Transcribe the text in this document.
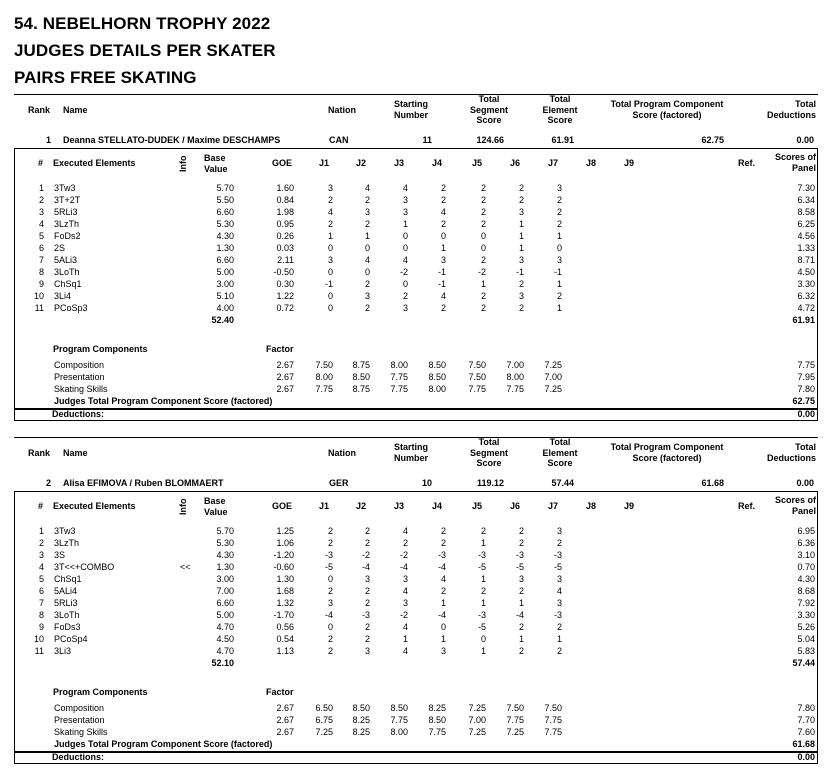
54. NEBELHORN TROPHY 2022
JUDGES DETAILS PER SKATER
PAIRS FREE SKATING
Rank	Name	Nation
Starting
Number
Total
Segment
Score
Total
Element
Score
Total Program Component
Score (factored)
Total
Deductions
1 Deanna STELLATO-DUDEK / Maxime DESCHAMPS	CAN	11	124.66	61.91	62.75	0.00
# Executed Elements	Info Base
Value
GOE	J1	J2	J3	J4	J5	J6	J7	J8	J9	Ref.
Scores of
Panel
1 3Tw3	5.70	1.60	3	4	4	2	2	2	3	7.30
2 3T+2T	5.50	0.84	2	2	3	2	2	2	2	6.34
3 5RLi3	6.60	1.98	4	3	3	4	2	3	2	8.58
4 3LzTh	5.30	0.95	2	2	1	2	2	1	2	6.25
5 FoDs2	4.30	0.26	1	1	0	0	0	1	1	4.56
6 2S	1.30	0.03	0	0	0	1	0	1	0	1.33
7 5ALi3	6.60	2.11	3	4	4	3	2	3	3	8.71
8 3LoTh	5.00	-0.50	0	0	-2	-1	-2	-1	-1	4.50
9 ChSq1	3.00	0.30	-1	2	0	-1	1	2	1	3.30
10 3Li4	5.10	1.22	0	3	2	4	2	3	2	6.32
11 PCoSp3	4.00	0.72	0	2	3	2	2	2	1	4.72
52.40	61.91
Program Components	Factor
Composition	2.67	7.50	8.75	8.00	8.50	7.50	7.00	7.25	7.75
Presentation	2.67	8.00	8.50	7.75	8.50	7.50	8.00	7.00	7.95
Skating Skills	2.67	7.75	8.75	7.75	8.00	7.75	7.75	7.25	7.80
Judges Total Program Component Score (factored)	62.75
Deductions:	0.00
Rank	Name	Nation
Starting
Number
Total
Segment
Score
Total
Element
Score
Total Program Component
Score (factored)
Total
Deductions
2 Alisa EFIMOVA / Ruben BLOMMAERT	GER	10	119.12	57.44	61.68	0.00
# Executed Elements	Info Base
Value
GOE	J1	J2	J3	J4	J5	J6	J7	J8	J9	Ref.
Scores of
Panel
1 3Tw3	5.70	1.25	2	2	4	2	2	2	3	6.95
2 3LzTh	5.30	1.06	2	2	2	2	1	2	2	6.36
3 3S	4.30	-1.20	-3	-2	-2	-3	-3	-3	-3	3.10
4 3T<<+COMBO	<<	1.30	-0.60	-5	-4	-4	-4	-5	-5	-5	0.70
5 ChSq1	3.00	1.30	0	3	3	4	1	3	3	4.30
6 5ALi4	7.00	1.68	2	2	4	2	2	2	4	8.68
7 5RLi3	6.60	1.32	3	2	3	1	1	1	3	7.92
8 3LoTh	5.00	-1.70	-4	-3	-2	-4	-3	-4	-3	3.30
9 FoDs3	4.70	0.56	0	2	4	0	-5	2	2	5.26
10 PCoSp4	4.50	0.54	2	2	1	1	0	1	1	5.04
11 3Li3	4.70	1.13	2	3	4	3	1	2	2	5.83
52.10	57.44
Program Components	Factor
Composition	2.67	6.50	8.50	8.50	8.25	7.25	7.50	7.50	7.80
Presentation	2.67	6.75	8.25	7.75	8.50	7.00	7.75	7.75	7.70
Skating Skills	2.67	7.25	8.25	8.00	7.75	7.25	7.25	7.75	7.60
Judges Total Program Component Score (factored)	61.68
Deductions:	0.00
